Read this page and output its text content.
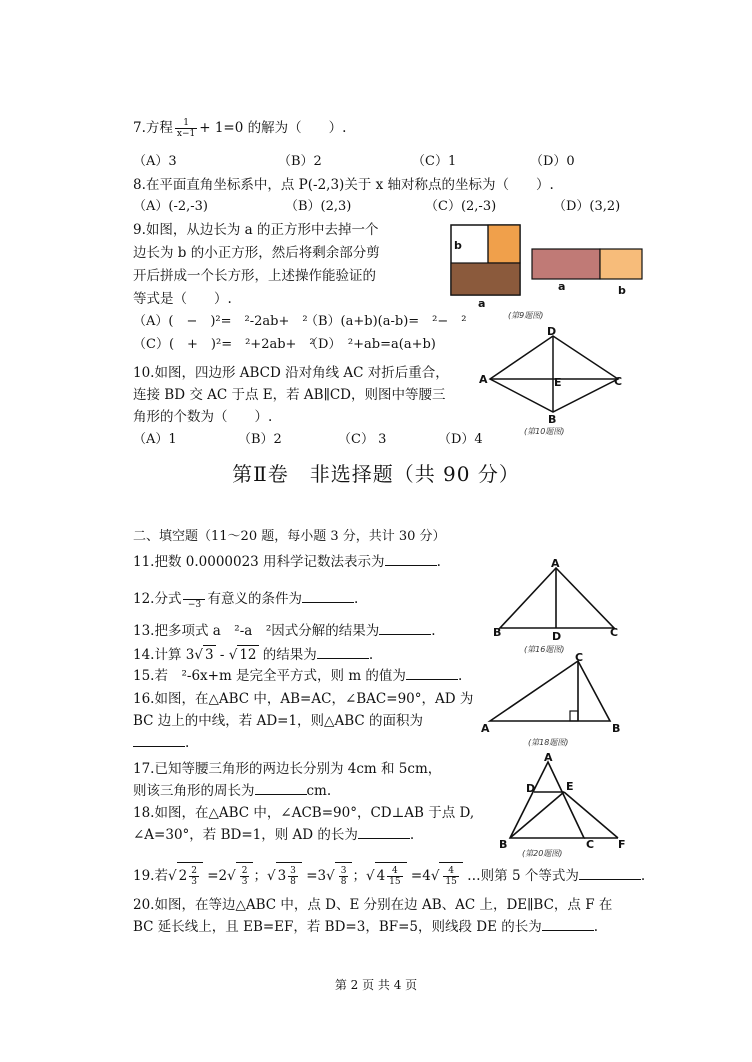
7.方程 $\frac{1}{x-1} + 1=0$ 的解为（　　）.
（A）3	（B）2	（C）1	（D）0
8.在平面直角坐标系中，点 P(-2,3)关于 x 轴对称点的坐标为（　　）.
（A）(-2,-3)	（B）(2,3)	（C）(2,-3)	（D）(3,2)
9.如图，从边长为 a 的正方形中去掉一个
边长为 b 的小正方形，然后将剩余部分剪
开后拼成一个长方形，上述操作能验证的
等式是（　　）.
（A）(　−　)²=　²-2ab+　²
（B）(a+b)(a-b)=　²−　²
（C）(　+　)²=　²+2ab+　²
（D）　²+ab=a(a+b)
b
a
a	b
(第9题图)
10.如图，四边形 ABCD 沿对角线 AC 对折后重合，
连接 BD 交 AC 于点 E，若 AB∥CD，则图中等腰三
角形的个数为（　　）.
（A）1	（B）2	（C） 3	（D）4
A
D
C
B
E
(第10题图)
第Ⅱ卷　非选择题（共 90 分）
二、填空题（11～20 题，每小题 3 分，共计 30 分）
11.把数 0.0000023 用科学记数法表示为	.
12.分式
−3 有意义的条件为	.
13.把多项式 a　²-a　²因式分解的结果为	.
14.计算 3√ 3 - √ 12 的结果为	.
15.若　²-6x+m 是完全平方式，则 m 的值为	.
16.如图，在△ABC 中，AB=AC，∠BAC=90°，AD 为
BC 边上的中线，若 AD=1，则△ABC 的面积为
.
17.已知等腰三角形的两边长分别为 4cm 和 5cm，
则该三角形的周长为	cm.
18.如图，在△ABC 中，∠ACB=90°，CD⊥AB 于点 D,
∠A=30°，若 BD=1，则 AD 的长为	.
19.若√ $2 \frac{2}{3} =2√ \frac{2}{3}$ ；√ $3 \frac{3}{8} =3√ \frac{3}{8}$ ；√ $4 \frac{4}{15} =4√ \frac{4}{15}$ …则第 5 个等式为	.
20.如图，在等边△ABC 中，点 D、E 分别在边 AB、AC 上，DE∥BC，点 F 在
BC 延长线上，且 EB=EF，若 BD=3，BF=5，则线段 DE 的长为	.
A
B	D	C
(第16题图)
A
C
B
(第18题图)
A
D	E
B	C F
(第20题图)
第 2 页 共 4 页
